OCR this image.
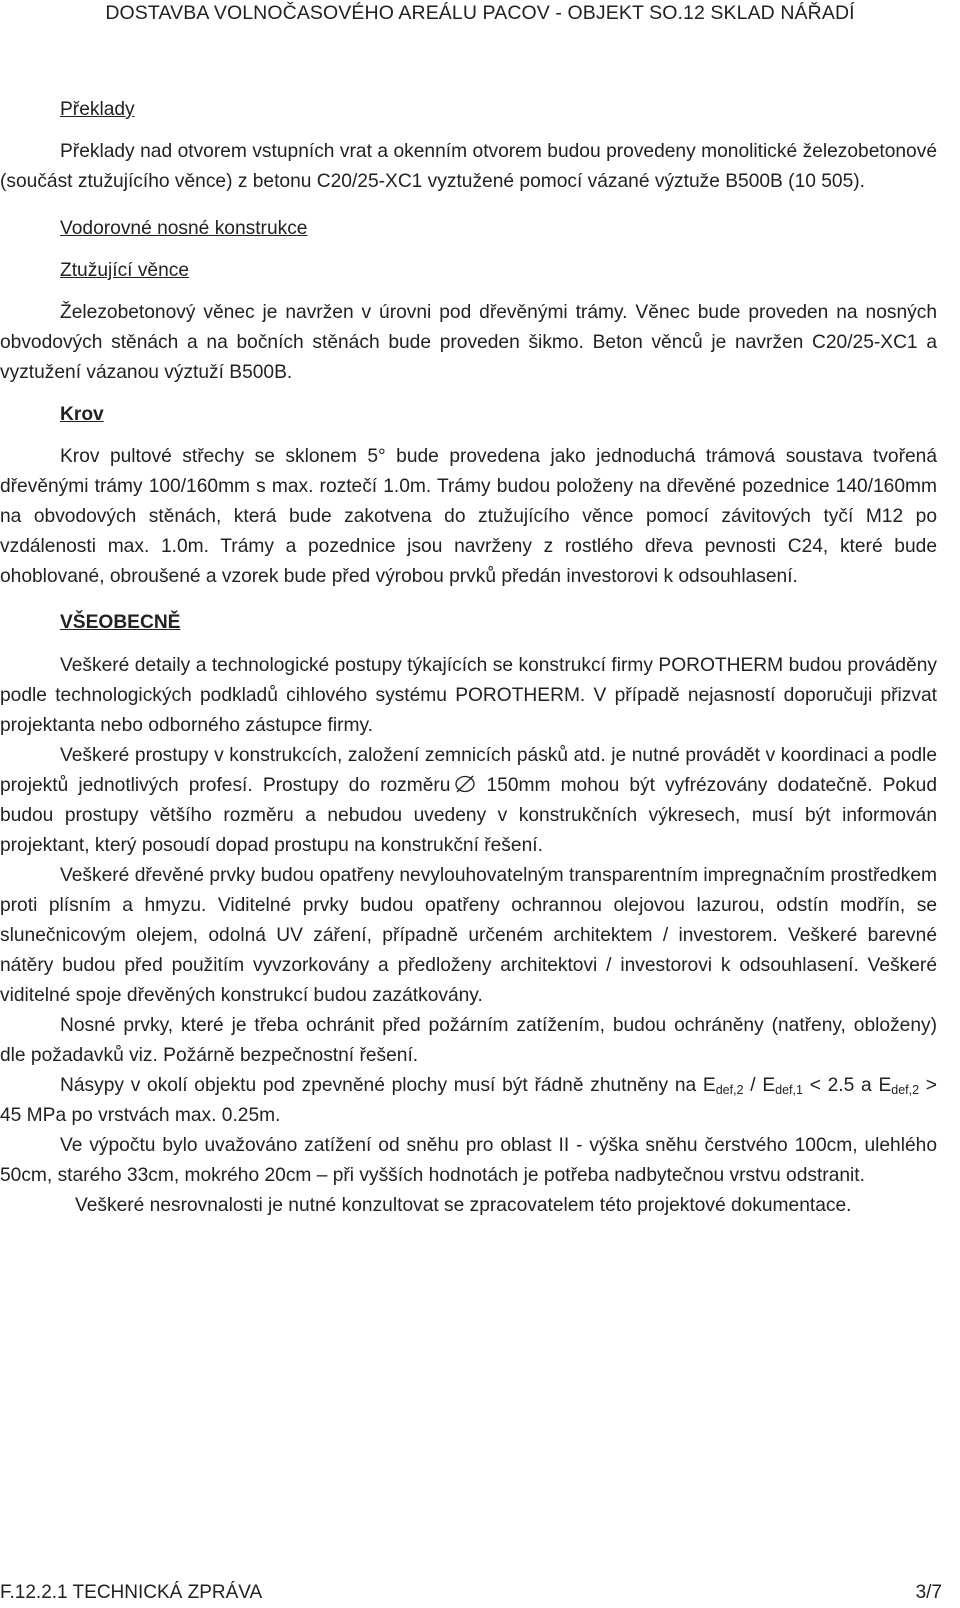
DOSTAVBA VOLNOČASOVÉHO AREÁLU PACOV - OBJEKT SO.12 SKLAD NÁŘADÍ

Překlady

Překlady nad otvorem vstupních vrat a okenním otvorem budou provedeny monolitické železobetonové (součást ztužujícího věnce) z betonu C20/25-XC1 vyztužené pomocí vázané výztuže B500B (10 505).

Vodorovné nosné konstrukce

Ztužující věnce

Železobetonový věnec je navržen v úrovni pod dřevěnými trámy. Věnec bude proveden na nosných obvodových stěnách a na bočních stěnách bude proveden šikmo. Beton věnců je navržen C20/25-XC1 a vyztužení vázanou výztuží B500B.

Krov

Krov pultové střechy se sklonem 5° bude provedena jako jednoduchá trámová soustava tvořená dřevěnými trámy 100/160mm s max. roztečí 1.0m. Trámy budou položeny na dřevěné pozednice 140/160mm na obvodových stěnách, která bude zakotvena do ztužujícího věnce pomocí závitových tyčí M12 po vzdálenosti max. 1.0m. Trámy a pozednice jsou navrženy z rostlého dřeva pevnosti C24, které bude ohoblované, obroušené a vzorek bude před výrobou prvků předán investorovi k odsouhlasení.

VŠEOBECNĚ

Veškeré detaily a technologické postupy týkajících se konstrukcí firmy POROTHERM budou prováděny podle technologických podkladů cihlového systému POROTHERM. V případě nejasností doporučuji přizvat projektanta nebo odborného zástupce firmy.

Veškeré prostupy v konstrukcích, založení zemnicích pásků atd. je nutné provádět v koordinaci a podle projektů jednotlivých profesí. Prostupy do rozměru 150mm mohou být vyfrézovány dodatečně. Pokud budou prostupy většího rozměru a nebudou uvedeny v konstrukčních výkresech, musí být informován projektant, který posoudí dopad prostupu na konstrukční řešení.

Veškeré dřevěné prvky budou opatřeny nevylouhovatelným transparentním impregnačním prostředkem proti plísním a hmyzu. Viditelné prvky budou opatřeny ochrannou olejovou lazurou, odstín modřín, se slunečnicovým olejem, odolná UV záření, případně určeném architektem / investorem. Veškeré barevné nátěry budou před použitím vyvzorkovány a předloženy architektovi / investorovi k odsouhlasení. Veškeré viditelné spoje dřevěných konstrukcí budou zazátkovány.

Nosné prvky, které je třeba ochránit před požárním zatížením, budou ochráněny (natřeny, obloženy) dle požadavků viz. Požárně bezpečnostní řešení.

Násypy v okolí objektu pod zpevněné plochy musí být řádně zhutněny na $E_{def,2} / E_{def,1} < 2.5$ a $E_{def,2} > 45$ MPa po vrstvách max. 0.25m.

Ve výpočtu bylo uvažováno zatížení od sněhu pro oblast II - výška sněhu čerstvého 100cm, ulehlého 50cm, starého 33cm, mokrého 20cm – při vyšších hodnotách je potřeba nadbytečnou vrstvu odstranit.

Veškeré nesrovnalosti je nutné konzultovat se zpracovatelem této projektové dokumentace.

F.12.2.1 TECHNICKÁ ZPRÁVA	3/7
